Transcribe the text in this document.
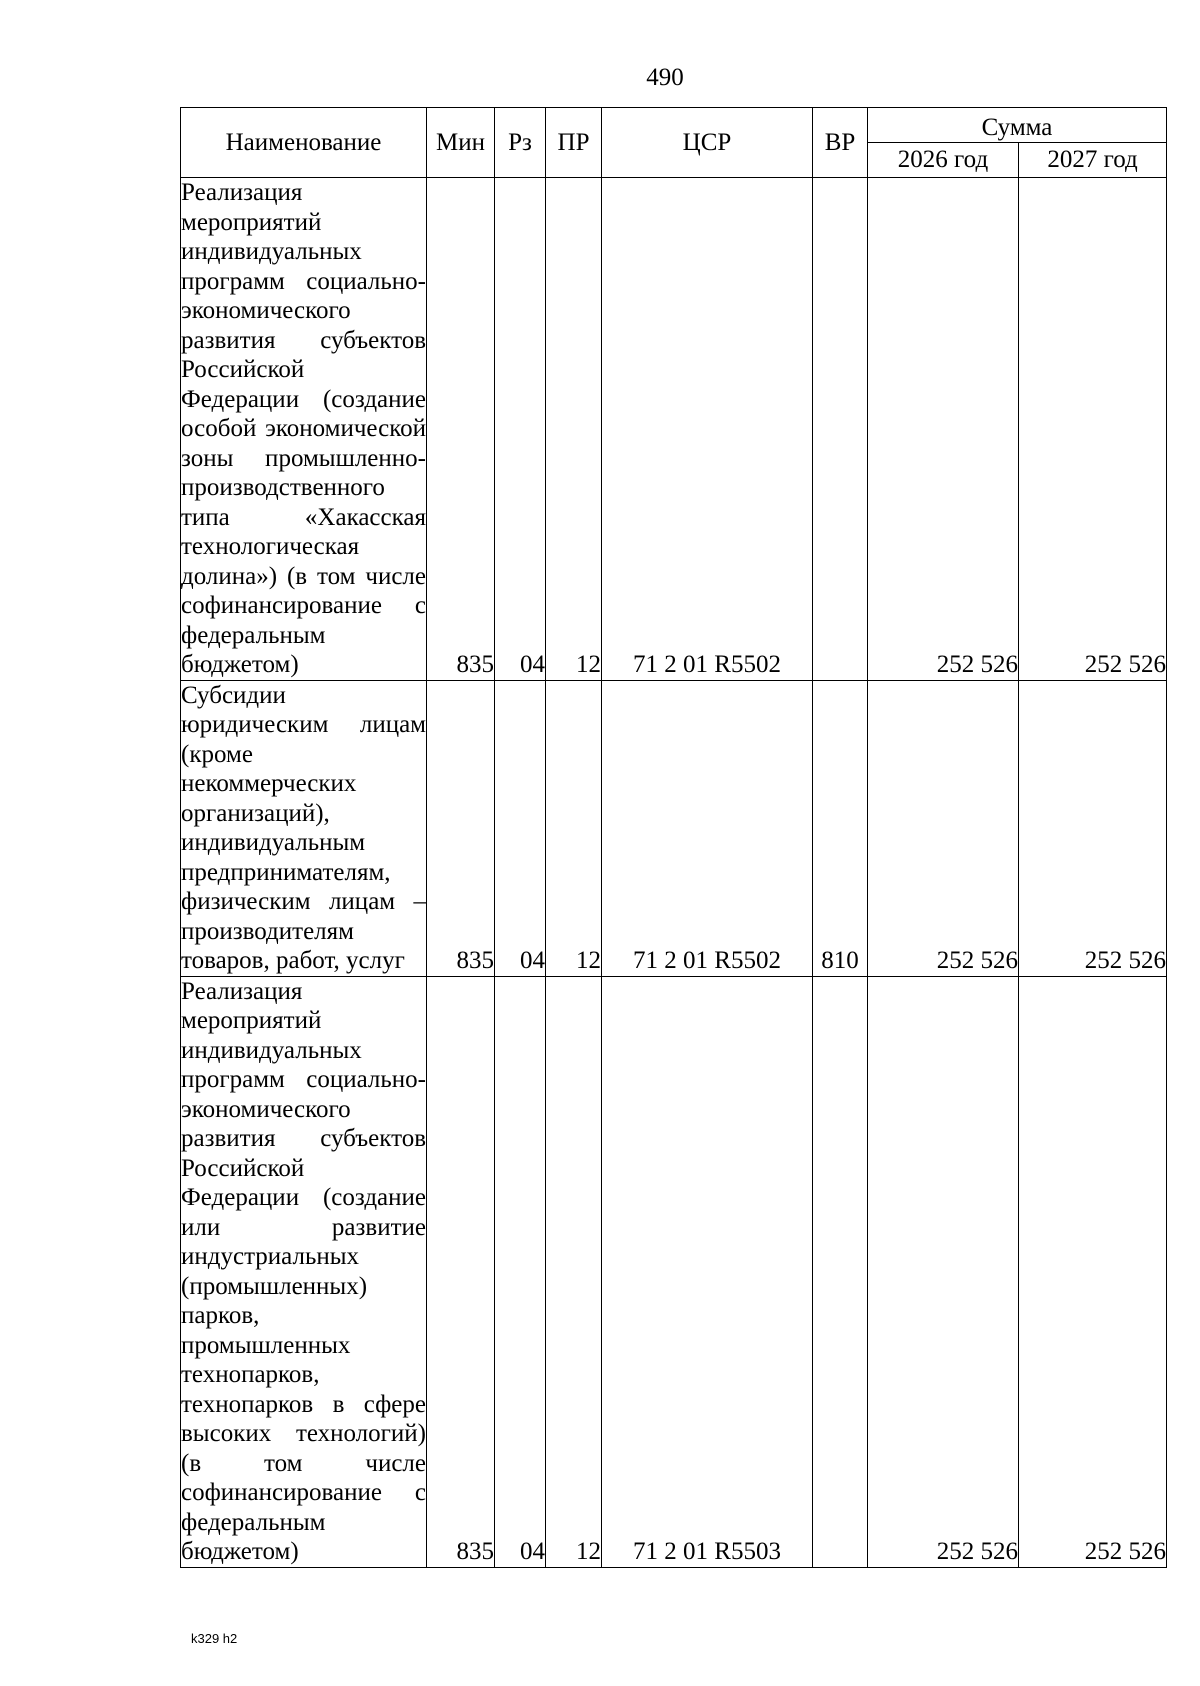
490
Наименование	Мин	Рз	ПР	ЦСР	ВР	Сумма	
						2026 год	2027 год
Реализация мероприятий индивидуальных программ социально-экономического развития субъектов Российской Федерации (создание особой экономической зоны промышленно-производственного типа «Хакасская технологическая долина») (в том числе софинансирование с федеральным бюджетом)	835	04	12	71 2 01 R5502		252 526	252 526
Субсидии юридическим лицам (кроме некоммерческих организаций), индивидуальным предпринимателям, физическим лицам – производителям товаров, работ, услуг	835	04	12	71 2 01 R5502	810	252 526	252 526
Реализация мероприятий индивидуальных программ социально-экономического развития субъектов Российской Федерации (создание или развитие индустриальных (промышленных) парков, промышленных технопарков, технопарков в сфере высоких технологий) (в том числе софинансирование с федеральным бюджетом)	835	04	12	71 2 01 R5503		252 526	252 526
k329 h2
